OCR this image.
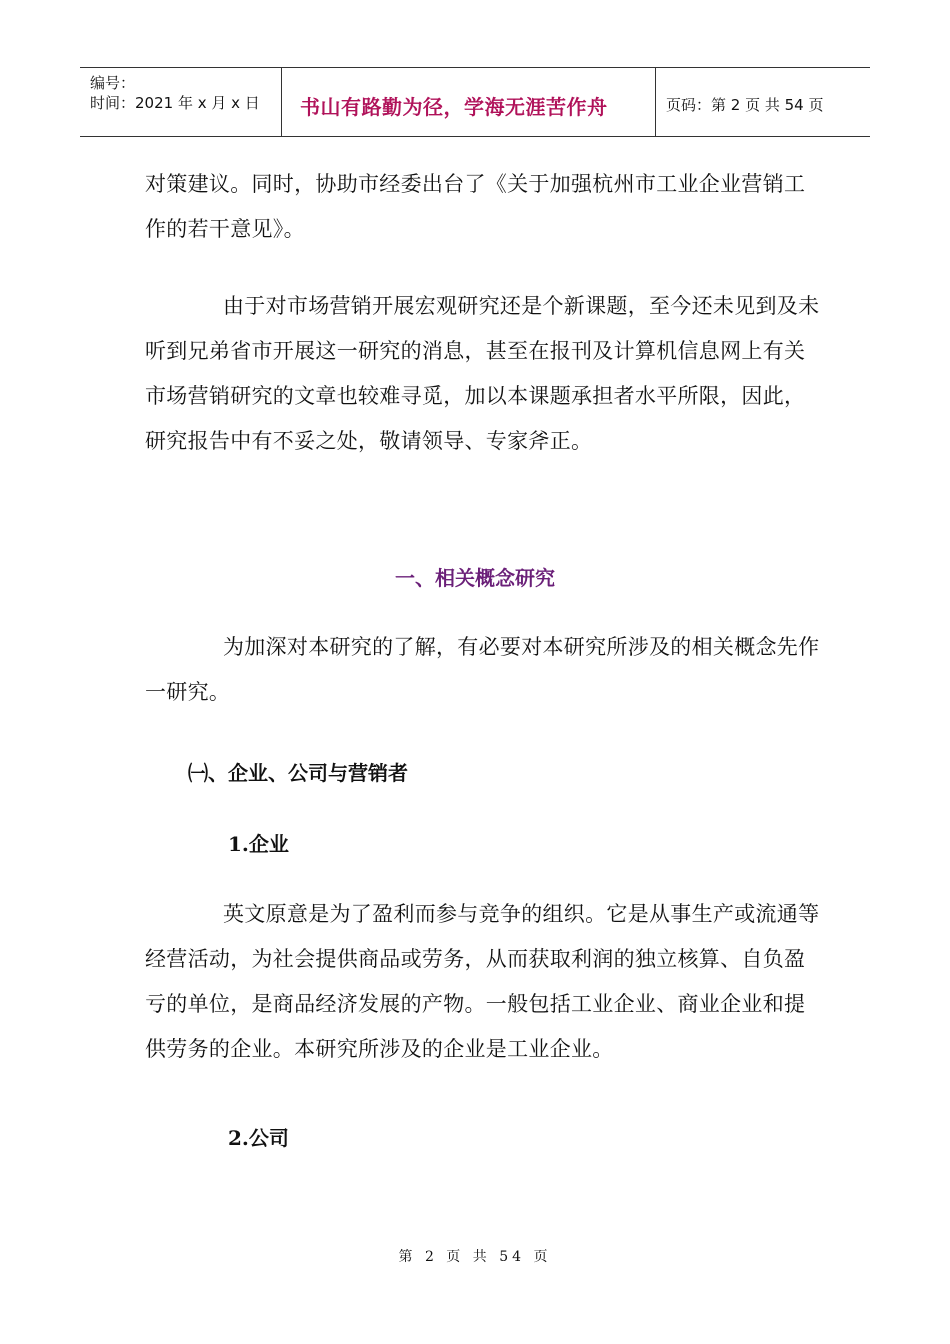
编号：
时间：2021 年 x 月 x 日	书山有路勤为径，学海无涯苦作舟	页码：第 2 页 共 54 页

对策建议。同时，协助市经委出台了《关于加强杭州市工业企业营销工作的若干意见》。

由于对市场营销开展宏观研究还是个新课题，至今还未见到及未听到兄弟省市开展这一研究的消息，甚至在报刊及计算机信息网上有关市场营销研究的文章也较难寻觅，加以本课题承担者水平所限，因此，研究报告中有不妥之处，敬请领导、专家斧正。

一、相关概念研究

为加深对本研究的了解，有必要对本研究所涉及的相关概念先作一研究。

㈠、企业、公司与营销者
1.企业

英文原意是为了盈利而参与竞争的组织。它是从事生产或流通等经营活动，为社会提供商品或劳务，从而获取利润的独立核算、自负盈亏的单位，是商品经济发展的产物。一般包括工业企业、商业企业和提供劳务的企业。本研究所涉及的企业是工业企业。

2.公司
第 2 页 共 54 页
